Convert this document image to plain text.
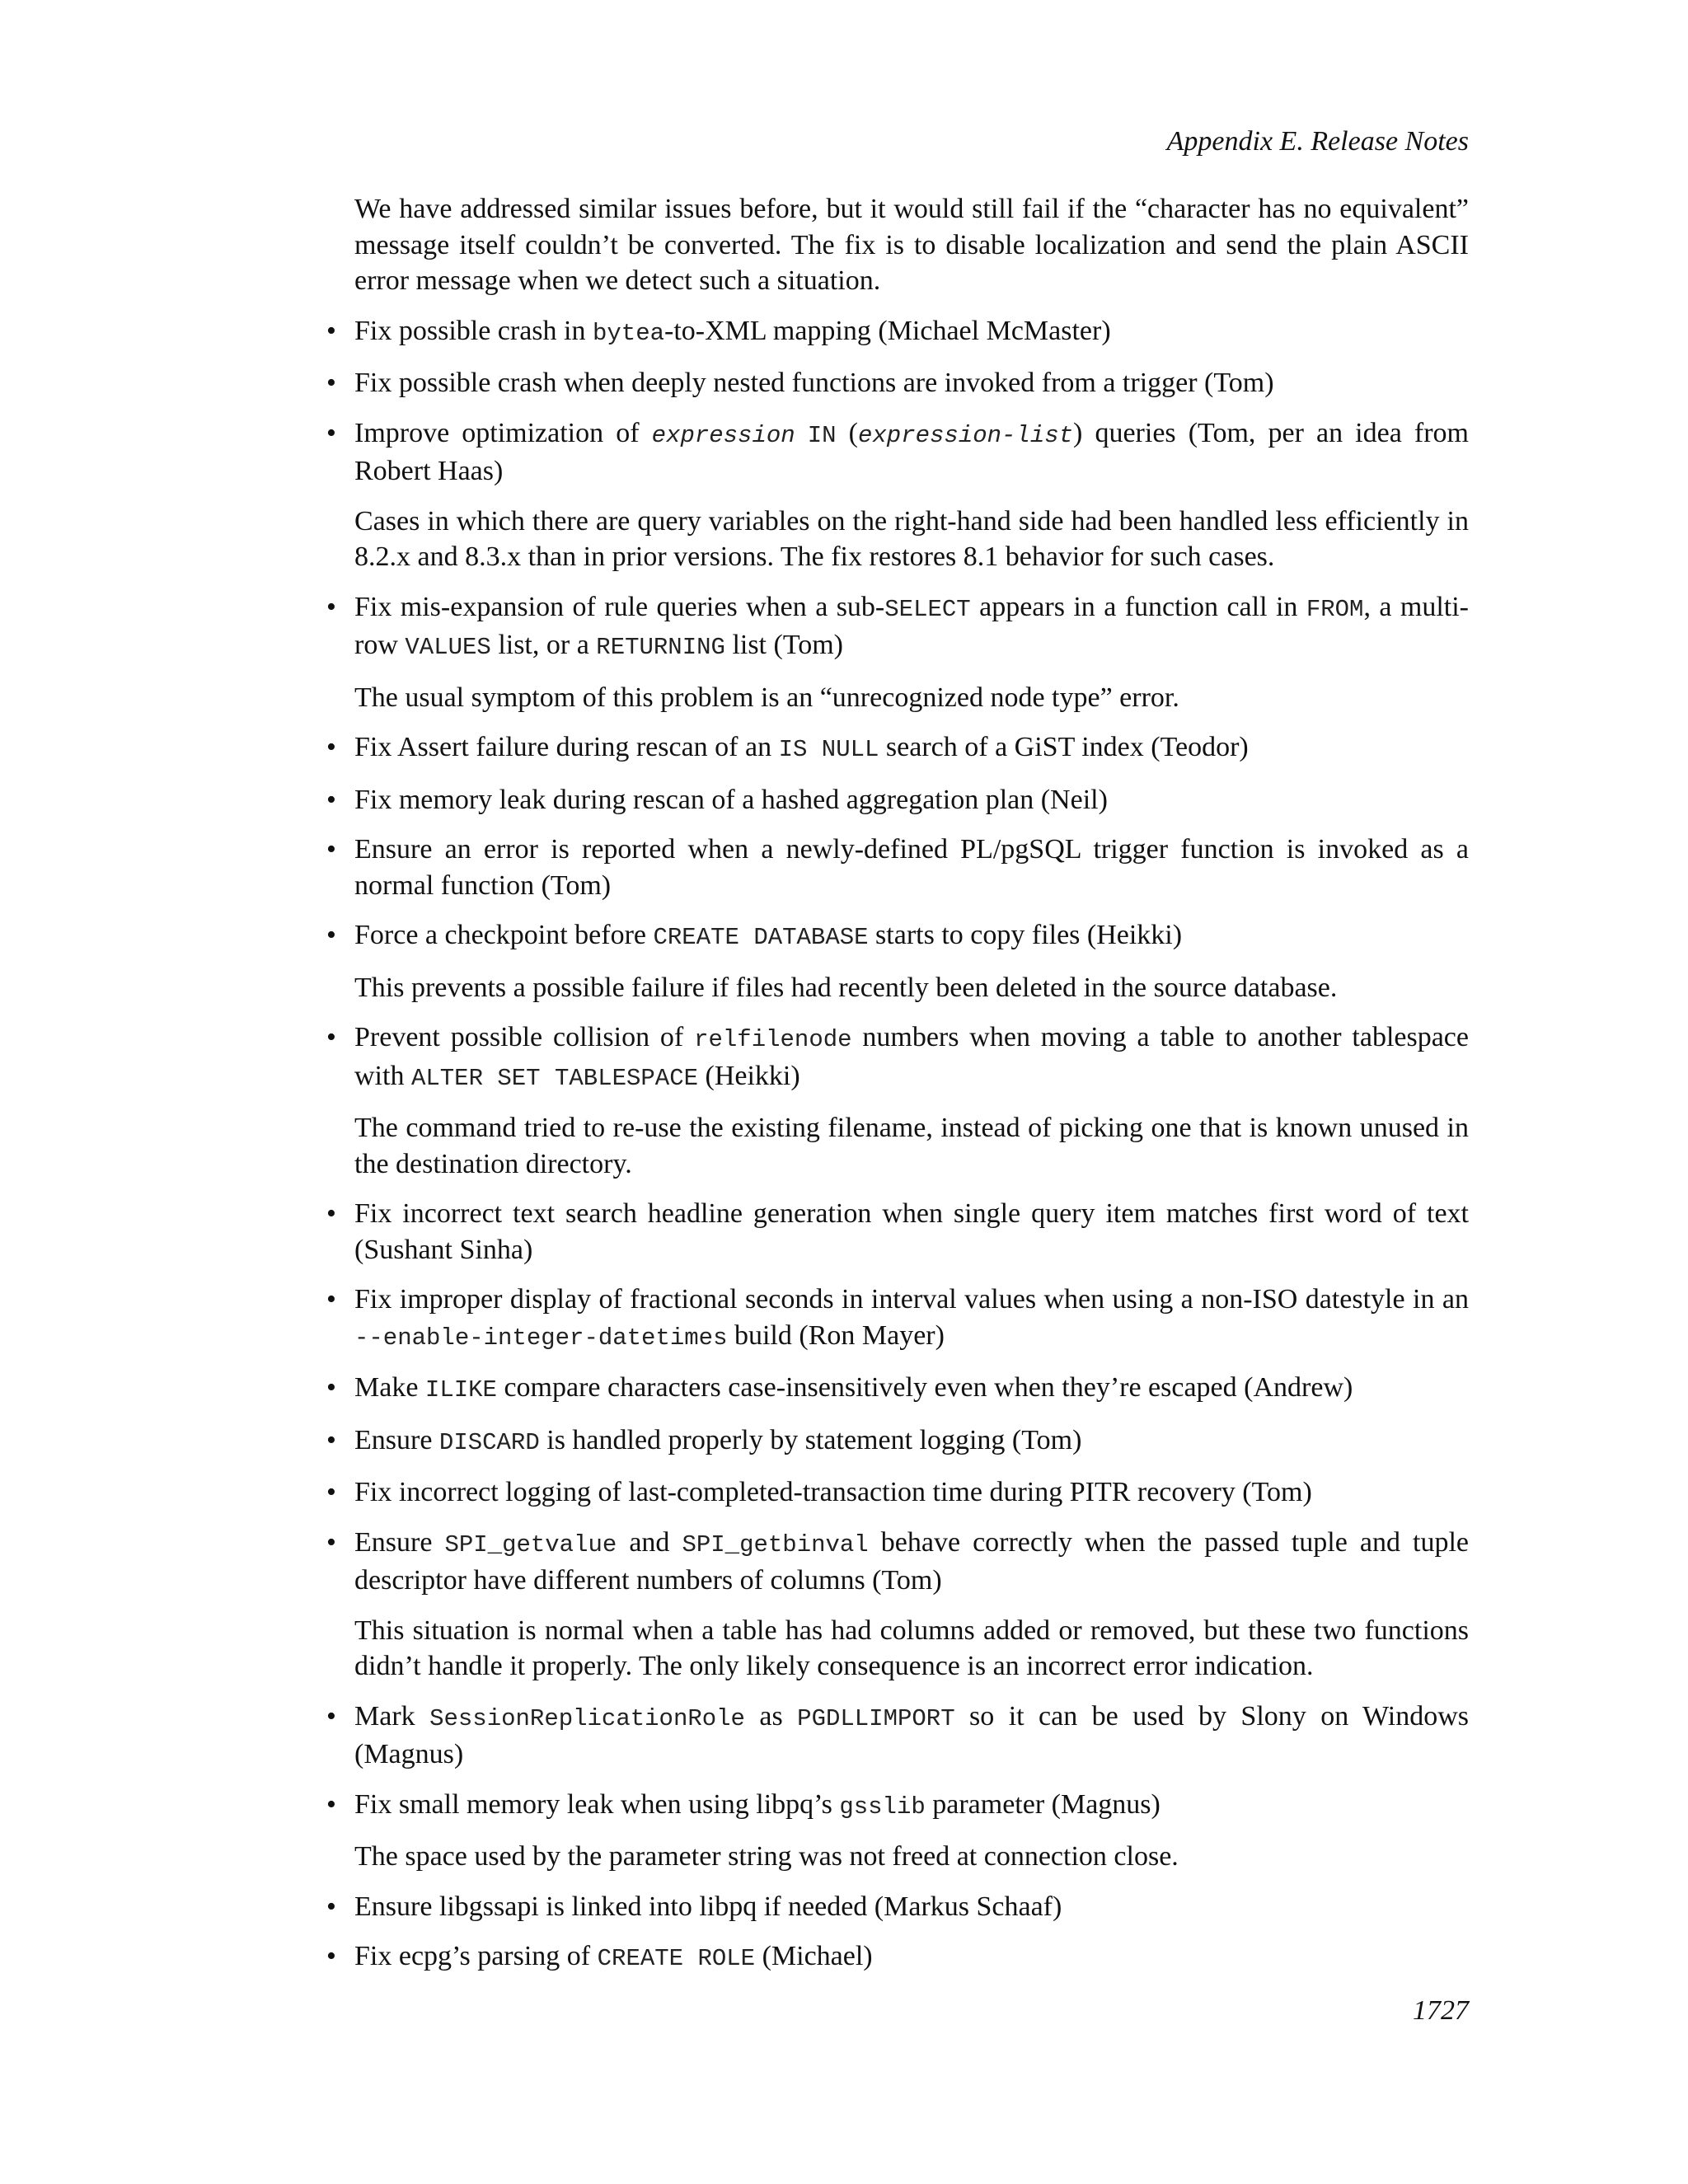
Appendix E. Release Notes

We have addressed similar issues before, but it would still fail if the “character has no equivalent” message itself couldn’t be converted. The fix is to disable localization and send the plain ASCII error message when we detect such a situation.

• Fix possible crash in bytea-to-XML mapping (Michael McMaster)

• Fix possible crash when deeply nested functions are invoked from a trigger (Tom)

• Improve optimization of expression IN (expression-list) queries (Tom, per an idea from Robert Haas)

Cases in which there are query variables on the right-hand side had been handled less efficiently in 8.2.x and 8.3.x than in prior versions. The fix restores 8.1 behavior for such cases.

• Fix mis-expansion of rule queries when a sub-SELECT appears in a function call in FROM, a multi-row VALUES list, or a RETURNING list (Tom)

The usual symptom of this problem is an “unrecognized node type” error.

• Fix Assert failure during rescan of an IS NULL search of a GiST index (Teodor)

• Fix memory leak during rescan of a hashed aggregation plan (Neil)

• Ensure an error is reported when a newly-defined PL/pgSQL trigger function is invoked as a normal function (Tom)

• Force a checkpoint before CREATE DATABASE starts to copy files (Heikki)

This prevents a possible failure if files had recently been deleted in the source database.

• Prevent possible collision of relfilenode numbers when moving a table to another tablespace with ALTER SET TABLESPACE (Heikki)

The command tried to re-use the existing filename, instead of picking one that is known unused in the destination directory.

• Fix incorrect text search headline generation when single query item matches first word of text (Sushant Sinha)

• Fix improper display of fractional seconds in interval values when using a non-ISO datestyle in an --enable-integer-datetimes build (Ron Mayer)

• Make ILIKE compare characters case-insensitively even when they’re escaped (Andrew)

• Ensure DISCARD is handled properly by statement logging (Tom)

• Fix incorrect logging of last-completed-transaction time during PITR recovery (Tom)

• Ensure SPI_getvalue and SPI_getbinval behave correctly when the passed tuple and tuple descriptor have different numbers of columns (Tom)

This situation is normal when a table has had columns added or removed, but these two functions didn’t handle it properly. The only likely consequence is an incorrect error indication.

• Mark SessionReplicationRole as PGDLLIMPORT so it can be used by Slony on Windows (Magnus)

• Fix small memory leak when using libpq’s gsslib parameter (Magnus)

The space used by the parameter string was not freed at connection close.

• Ensure libgssapi is linked into libpq if needed (Markus Schaaf)

• Fix ecpg’s parsing of CREATE ROLE (Michael)

1727
